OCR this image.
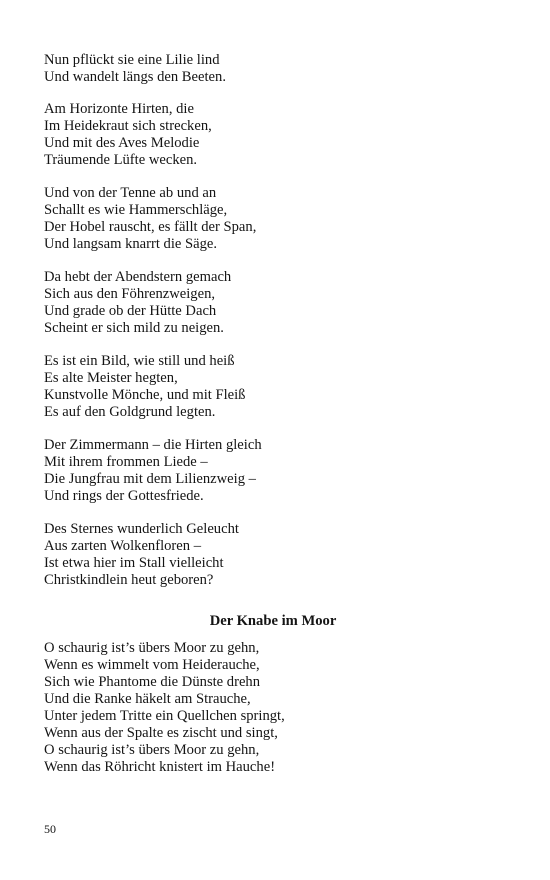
Nun pflückt sie eine Lilie lind
Und wandelt längs den Beeten.
Am Horizonte Hirten, die
Im Heidekraut sich strecken,
Und mit des Aves Melodie
Träumende Lüfte wecken.
Und von der Tenne ab und an
Schallt es wie Hammerschläge,
Der Hobel rauscht, es fällt der Span,
Und langsam knarrt die Säge.
Da hebt der Abendstern gemach
Sich aus den Föhrenzweigen,
Und grade ob der Hütte Dach
Scheint er sich mild zu neigen.
Es ist ein Bild, wie still und heiß
Es alte Meister hegten,
Kunstvolle Mönche, und mit Fleiß
Es auf den Goldgrund legten.
Der Zimmermann – die Hirten gleich
Mit ihrem frommen Liede –
Die Jungfrau mit dem Lilienzweig –
Und rings der Gottesfriede.
Des Sternes wunderlich Geleucht
Aus zarten Wolkenfloren –
Ist etwa hier im Stall vielleicht
Christkindlein heut geboren?
Der Knabe im Moor
O schaurig ist’s übers Moor zu gehn,
Wenn es wimmelt vom Heiderauche,
Sich wie Phantome die Dünste drehn
Und die Ranke häkelt am Strauche,
Unter jedem Tritte ein Quellchen springt,
Wenn aus der Spalte es zischt und singt,
O schaurig ist’s übers Moor zu gehn,
Wenn das Röhricht knistert im Hauche!
50
